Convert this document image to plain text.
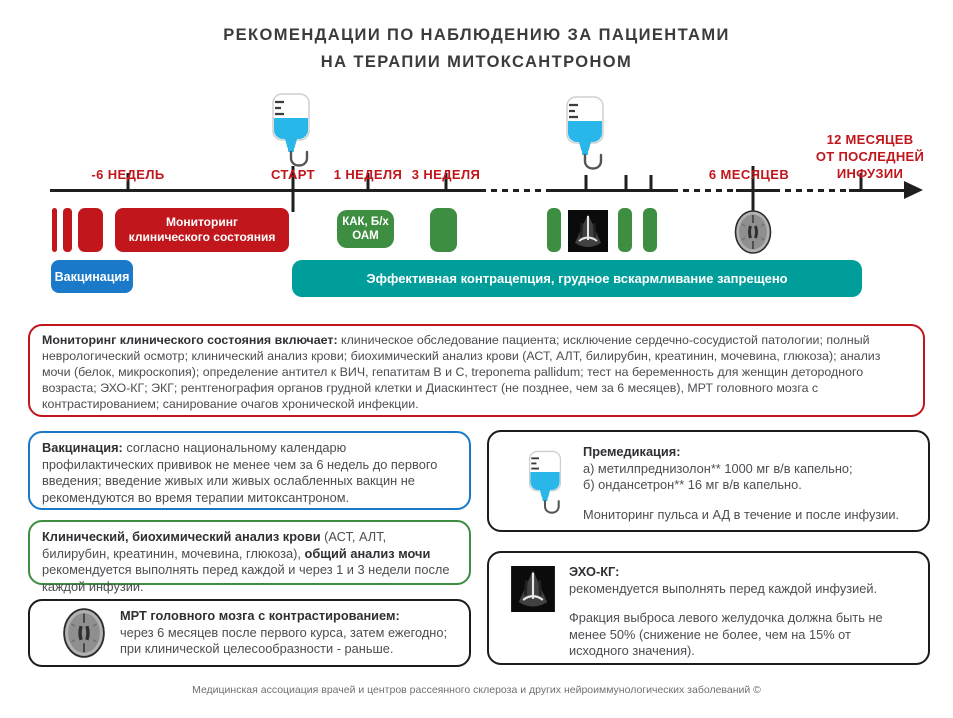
РЕКОМЕНДАЦИИ ПО НАБЛЮДЕНИЮ ЗА ПАЦИЕНТАМИ
НА ТЕРАПИИ МИТОКСАНТРОНОМ
-6 НЕДЕЛЬ	СТАРТ 1 НЕДЕЛЯ 3 НЕДЕЛЯ	6 МЕСЯЦЕВ
12 МЕСЯЦЕВ
ОТ ПОСЛЕДНЕЙ
ИНФУЗИИ
Мониторинг
клинического состояния
КАК, Б/х
ОАМ
Вакцинация	Эффективная контрацепция, грудное вскармливание запрещено
Мониторинг клинического состояния включает: клиническое обследование пациента; исключение сердечно-сосудистой патологии; полный неврологический осмотр; клинический анализ крови; биохимический анализ крови (АСТ, АЛТ, билирубин, креатинин, мочевина, глюкоза); анализ мочи (белок, микроскопия); определение антител к ВИЧ, гепатитам В и С, treponema pallidum; тест на беременность для женщин детородного возраста; ЭХО-КГ; ЭКГ; рентгенография органов грудной клетки и Диаскинтест (не позднее, чем за 6 месяцев), МРТ головного мозга с контрастированием; санирование очагов хронической инфекции.
Вакцинация: согласно национальному календарю профилактических прививок не менее чем за 6 недель до первого введения; введение живых или живых ослабленных вакцин не рекомендуются во время терапии митоксантроном.
Клинический, биохимический анализ крови (АСТ, АЛТ, билирубин, креатинин, мочевина, глюкоза), общий анализ мочи рекомендуется выполнять перед каждой и через 1 и 3 недели после каждой инфузии.
МРТ головного мозга с контрастированием:
через 6 месяцев после первого курса, затем ежегодно;
при клинической целесообразности - раньше.
Премедикация:
а) метилпреднизолон** 1000 мг в/в капельно;
б) ондансетрон** 16 мг в/в капельно.
Мониторинг пульса и АД в течение и после инфузии.
ЭХО-КГ:
рекомендуется выполнять перед каждой инфузией.
Фракция выброса левого желудочка должна быть не менее 50% (снижение не более, чем на 15% от исходного значения).
Медицинская ассоциация врачей и центров рассеянного склероза и других нейроиммунологических заболеваний ©
